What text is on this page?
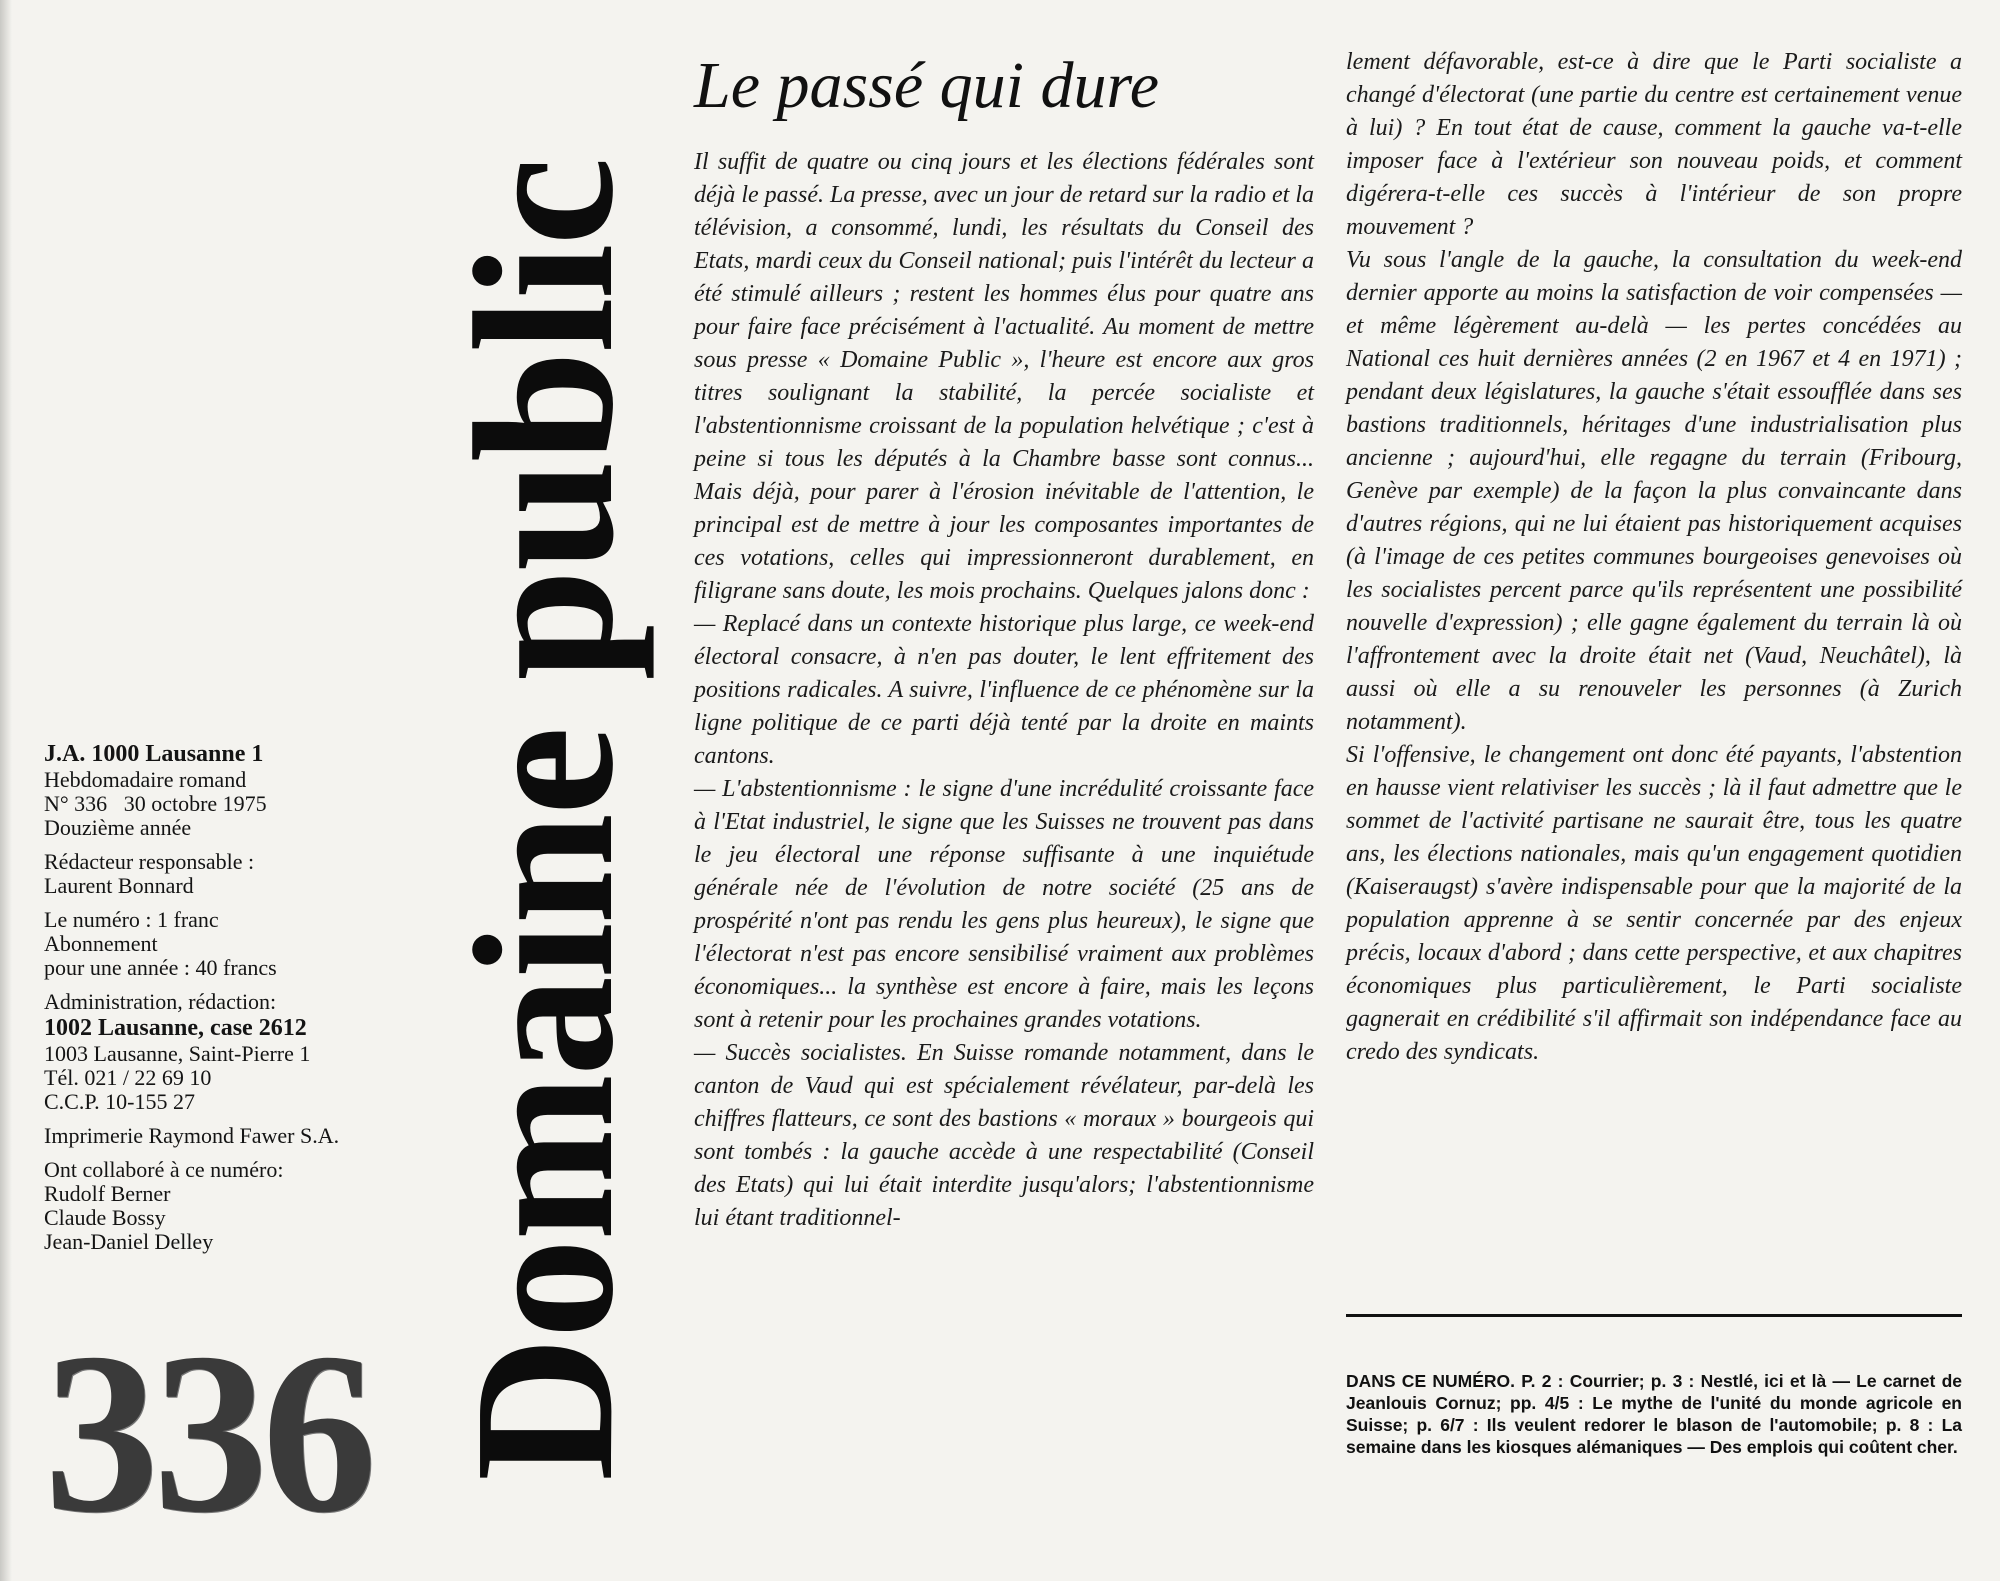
J.A. 1000 Lausanne 1
Hebdomadaire romand
N° 336 30 octobre 1975
Douzième année
Rédacteur responsable :
Laurent Bonnard
Le numéro : 1 franc
Abonnement
pour une année : 40 francs
Administration, rédaction:
1002 Lausanne, case 2612
1003 Lausanne, Saint-Pierre 1
Tél. 021 / 22 69 10
C.C.P. 10-155 27
Imprimerie Raymond Fawer S.A.
Ont collaboré à ce numéro:
Rudolf Berner
Claude Bossy
Jean-Daniel Delley
336 Domaine public
Le passé qui dure

Il suffit de quatre ou cinq jours et les élections fédérales sont déjà le passé. La presse, avec un jour de retard sur la radio et la télévision, a consommé, lundi, les résultats du Conseil des Etats, mardi ceux du Conseil national; puis l'intérêt du lecteur a été stimulé ailleurs ; restent les hommes élus pour quatre ans pour faire face précisément à l'actualité. Au moment de mettre sous presse « Domaine Public », l'heure est encore aux gros titres soulignant la stabilité, la percée socialiste et l'abstentionnisme croissant de la population helvétique ; c'est à peine si tous les députés à la Chambre basse sont connus... Mais déjà, pour parer à l'érosion inévitable de l'attention, le principal est de mettre à jour les composantes importantes de ces votations, celles qui impressionneront durablement, en filigrane sans doute, les mois prochains. Quelques jalons donc :

— Replacé dans un contexte historique plus large, ce week-end électoral consacre, à n'en pas douter, le lent effritement des positions radicales. A suivre, l'influence de ce phénomène sur la ligne politique de ce parti déjà tenté par la droite en maints cantons.

— L'abstentionnisme : le signe d'une incrédulité croissante face à l'Etat industriel, le signe que les Suisses ne trouvent pas dans le jeu électoral une réponse suffisante à une inquiétude générale née de l'évolution de notre société (25 ans de prospérité n'ont pas rendu les gens plus heureux), le signe que l'électorat n'est pas encore sensibilisé vraiment aux problèmes économiques... la synthèse est encore à faire, mais les leçons sont à retenir pour les prochaines grandes votations.

— Succès socialistes. En Suisse romande notamment, dans le canton de Vaud qui est spécialement révélateur, par-delà les chiffres flatteurs, ce sont des bastions « moraux » bourgeois qui sont tombés : la gauche accède à une respectabilité (Conseil des Etats) qui lui était interdite jusqu'alors; l'abstentionnisme lui étant traditionnel-

lement défavorable, est-ce à dire que le Parti socialiste a changé d'électorat (une partie du centre est certainement venue à lui) ? En tout état de cause, comment la gauche va-t-elle imposer face à l'extérieur son nouveau poids, et comment digérera-t-elle ces succès à l'intérieur de son propre mouvement ?

Vu sous l'angle de la gauche, la consultation du week-end dernier apporte au moins la satisfaction de voir compensées — et même légèrement au-delà — les pertes concédées au National ces huit dernières années (2 en 1967 et 4 en 1971) ; pendant deux législatures, la gauche s'était essoufflée dans ses bastions traditionnels, héritages d'une industrialisation plus ancienne ; aujourd'hui, elle regagne du terrain (Fribourg, Genève par exemple) de la façon la plus convaincante dans d'autres régions, qui ne lui étaient pas historiquement acquises (à l'image de ces petites communes bourgeoises genevoises où les socialistes percent parce qu'ils représentent une possibilité nouvelle d'expression) ; elle gagne également du terrain là où l'affrontement avec la droite était net (Vaud, Neuchâtel), là aussi où elle a su renouveler les personnes (à Zurich notamment).

Si l'offensive, le changement ont donc été payants, l'abstention en hausse vient relativiser les succès ; là il faut admettre que le sommet de l'activité partisane ne saurait être, tous les quatre ans, les élections nationales, mais qu'un engagement quotidien (Kaiseraugst) s'avère indispensable pour que la majorité de la population apprenne à se sentir concernée par des enjeux précis, locaux d'abord ; dans cette perspective, et aux chapitres économiques plus particulièrement, le Parti socialiste gagnerait en crédibilité s'il affirmait son indépendance face au credo des syndicats.

DANS CE NUMÉRO. P. 2 : Courrier; p. 3 : Nestlé, ici et là — Le carnet de Jeanlouis Cornuz; pp. 4/5 : Le mythe de l'unité du monde agricole en Suisse; p. 6/7 : Ils veulent redorer le blason de l'automobile; p. 8 : La semaine dans les kiosques alémaniques — Des emplois qui coûtent cher.
